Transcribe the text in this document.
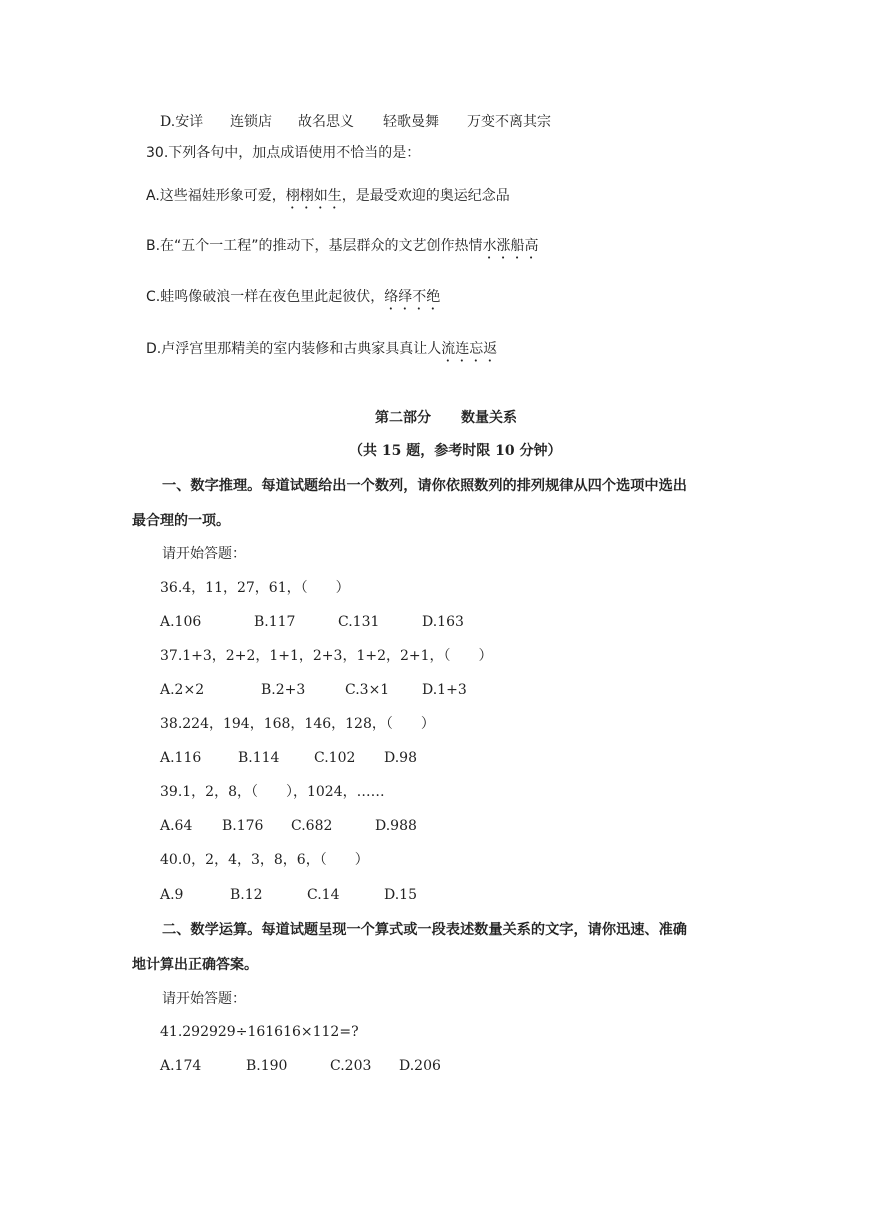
D.安详 连锁店 故名思义 轻歌曼舞 万变不离其宗
30.下列各句中，加点成语使用不恰当的是：
A.这些福娃形象可爱，栩栩如生，是最受欢迎的奥运纪念品
B.在“五个一工程”的推动下，基层群众的文艺创作热情水涨船高
C.蛙鸣像破浪一样在夜色里此起彼伏，络绎不绝
D.卢浮宫里那精美的室内装修和古典家具真让人流连忘返
第二部分 数量关系
（共 15 题，参考时限 10 分钟）
一、数字推理。每道试题给出一个数列，请你依照数列的排列规律从四个选项中选出
最合理的一项。
请开始答题：
36.4，11，27，61，（　　）
A.106	B.117	C.131	D.163
37.1+3，2+2，1+1，2+3，1+2，2+1，（　　）
A.2×2	B.2+3	C.3×1 D.1+3
38.224，194，168，146，128，（　　）
A.116	B.114 C.102 D.98
39.1，2，8，（　　），1024，……
A.64 B.176 C.682	D.988
40.0，2，4，3，8，6，（　　）
A.9	B.12	C.14	D.15
二、数学运算。每道试题呈现一个算式或一段表述数量关系的文字，请你迅速、准确
地计算出正确答案。
请开始答题：
41.292929÷161616×112=?
A.174	B.190	C.203 D.206
